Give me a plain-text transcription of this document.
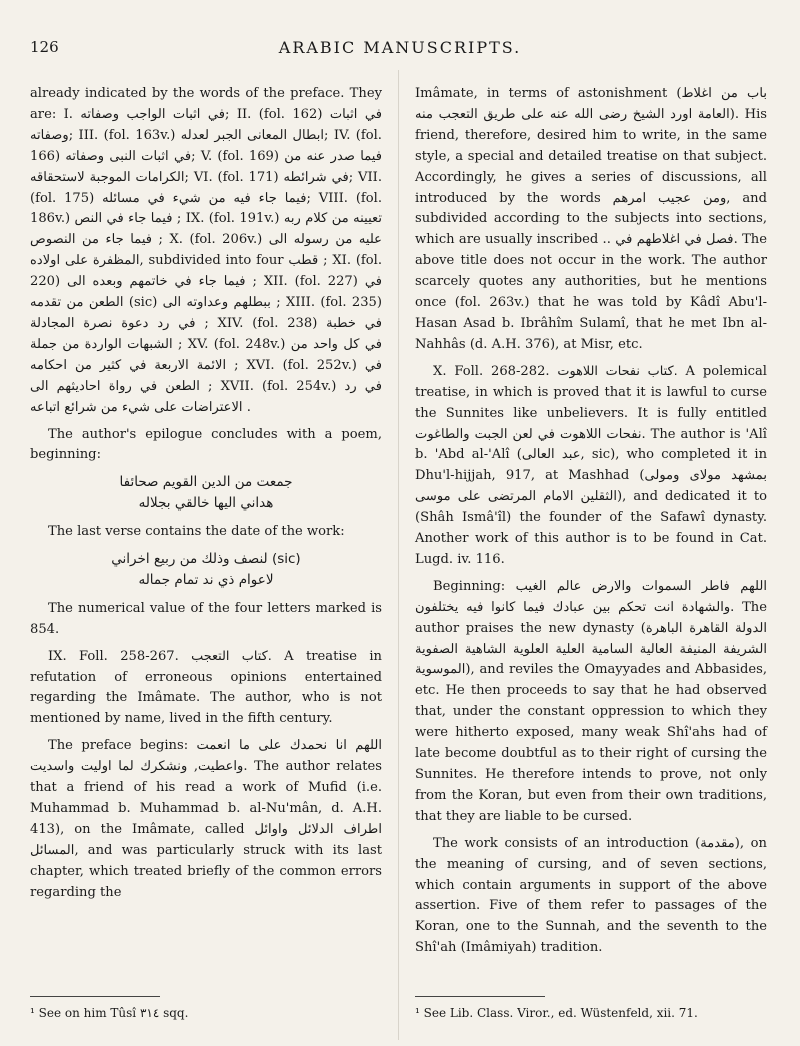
126	ARABIC MANUSCRIPTS.

already indicated by the words of the preface. They are: I. في اثبات الواجب وصفاته; II. (fol. 162) في اثبات وصفاته; III. (fol. 163v.) ابطال المعانى الجبر لعدله; IV. (fol. 166) في اثبات النبى وصفاته; V. (fol. 169) فيما صدر عنه من الكرامات الموجبة لاستحقاقه; VI. (fol. 171) في شرائطه; VII. (fol. 175) فيما جاء فيه من شيء في مسائله; VIII. (fol. 186v.) فيما جاء في النص ; IX. (fol. 191v.) تعيينه من كلام ربه فيما جاء من النصوص ; X. (fol. 206v.) عليه من رسوله الى المظفرة على اولاده, subdivided into four قطب ; XI. (fol. 220) فيما جاء في خاتمهم وبعده الى ; XII. (fol. 227) في الطعن من تقدمه (sic) ببطلهم وعداوته الى ; XIII. (fol. 235) في رد دعوة نصرة المجادلة ; XIV. (fol. 238) في خطبة الشبهات الواردة من جملة ; XV. (fol. 248v.) في كل واحد من الائمة الاربعة في كثير من احكامه ; XVI. (fol. 252v.) في الطعن في رواة احاديثهم الى ; XVII. (fol. 254v.) في رد الاعتراضات على شيء من شرائع اتباعه .

The author's epilogue concludes with a poem, beginning:

جمعت من الدين القويم صحائفا
هداني اليها خالقي بجلاله

The last verse contains the date of the work:

لنصف وذلك من ربيع اخراني (sic)
لاعوام ذي ند تمام جماله

The numerical value of the four letters marked is 854.

IX. Foll. 258-267. كتاب التعجب. A treatise in refutation of erroneous opinions entertained regarding the Imâmate. The author, who is not mentioned by name, lived in the fifth century.

The preface begins: اللهم انا نحمدك على ما انعمت واعطيت, ونشكرك لما اوليت واسديت. The author relates that a friend of his read a work of Mufid (i.e. Muhammad b. Muhammad b. al-Nu'mân, d. A.H. 413), on the Imâmate, called اطراف الدلائل واوائل المسائل, and was particularly struck with its last chapter, which treated briefly of the common errors regarding the

¹ See on him Tûsî ٣١٤ sqq.

Imâmate, in terms of astonishment (باب من اغلاط العامة اورد الشيخ رضى الله عنه على طريق التعجب منه). His friend, therefore, desired him to write, in the same style, a special and detailed treatise on that subject. Accordingly, he gives a series of discussions, all introduced by the words ومن عجيب امرهم, and subdivided according to the subjects into sections, which are usually inscribed .. فصل في اغلاطهم في. The above title does not occur in the work. The author scarcely quotes any authorities, but he mentions once (fol. 263v.) that he was told by Kâdî Abu'l-Hasan Asad b. Ibrâhîm Sulamî, that he met Ibn al-Nahhâs (d. A.H. 376), at Misr, etc.

X. Foll. 268-282. كتاب نفحات اللاهوت. A polemical treatise, in which is proved that it is lawful to curse the Sunnites like unbelievers. It is fully entitled نفحات اللاهوت في لعن الجبت والطاغوت. The author is 'Alî b. 'Abd al-'Alî (عبد العالى, sic), who completed it in Dhu'l-hijjah, 917, at Mashhad (بمشهد مولاى ومولى الثقلين الامام المرتضى على موسى), and dedicated it to (Shâh Ismâ'îl) the founder of the Safawî dynasty. Another work of this author is to be found in Cat. Lugd. iv. 116.

Beginning: اللهم فاطر السموات والارض عالم الغيب والشهادة انت تحكم بين عبادك فيما كانوا فيه يختلفون. The author praises the new dynasty (الدولة القاهرة الباهرة الشريفة المنيفة العالية السامية العلية العلوية الشاهية الصفوية الموسوية), and reviles the Omayyades and Abbasides, etc. He then proceeds to say that he had observed that, under the constant oppression to which they were hitherto exposed, many weak Shî'ahs had of late become doubtful as to their right of cursing the Sunnites. He therefore intends to prove, not only from the Koran, but even from their own traditions, that they are liable to be cursed.

The work consists of an introduction (مقدمة), on the meaning of cursing, and of seven sections, which contain arguments in support of the above assertion. Five of them refer to passages of the Koran, one to the Sunnah, and the seventh to the Shî'ah (Imâmiyah) tradition.

¹ See Lib. Class. Viror., ed. Wüstenfeld, xii. 71.
